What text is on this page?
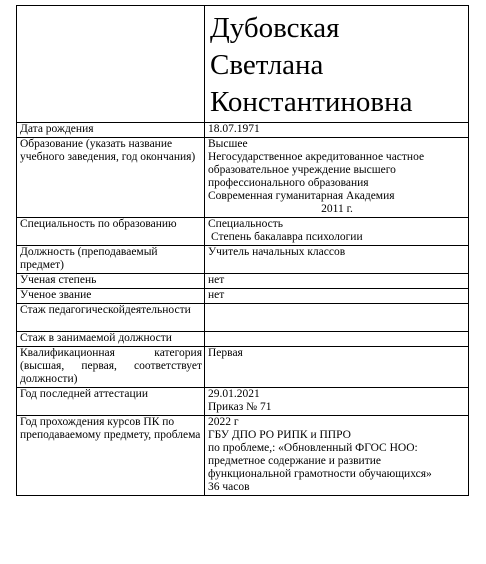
	Дубовская
Светлана
Константиновна

Дата рождения	18.07.1971

Образование (указать название учебного заведения, год окончания)	Высшее
Негосударственное акредитованное частное образовательное учреждение высшего профессионального образования
Современная гуманитарная Академия
2011 г.

Специальность по образованию	Специальность
Степень бакалавра психологии

Должность (преподаваемый предмет)	Учитель начальных классов

Ученая степень	нет

Ученое звание	нет

Стаж педагогическойдеятельности	
Стаж в занимаемой должности	
Квалификационная категория (высшая, первая, соответствует должности)	Первая

Год последней аттестации	29.01.2021
Приказ № 71

Год прохождения курсов ПК по преподаваемому предмету, проблема	2022 г
ГБУ ДПО РО РИПК и ППРО
по проблеме,: «Обновленный ФГОС НОО: предметное содержание и развитие функциональной грамотности обучающихся»
36 часов
